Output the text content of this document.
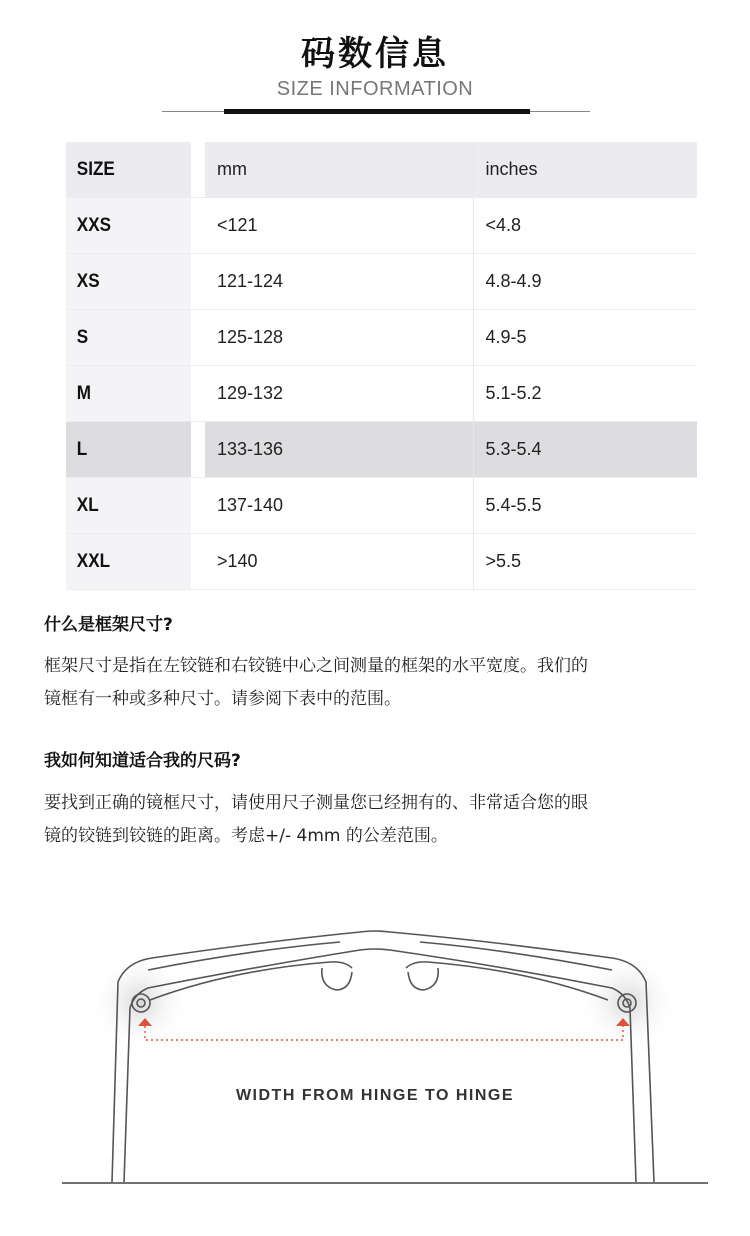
码数信息
SIZE INFORMATION
SIZE	mm	inches
XXS	<121	<4.8
XS	121-124	4.8-4.9
S	125-128	4.9-5
M	129-132	5.1-5.2
L	133-136	5.3-5.4
XL	137-140	5.4-5.5
XXL	>140	>5.5
什么是框架尺寸?
框架尺寸是指在左铰链和右铰链中心之间测量的框架的水平宽度。我们的
镜框有一种或多种尺寸。请参阅下表中的范围。
我如何知道适合我的尺码?
要找到正确的镜框尺寸，请使用尺子测量您已经拥有的、非常适合您的眼
镜的铰链到铰链的距离。考虑+/- 4mm 的公差范围。
WIDTH FROM HINGE TO HINGE
